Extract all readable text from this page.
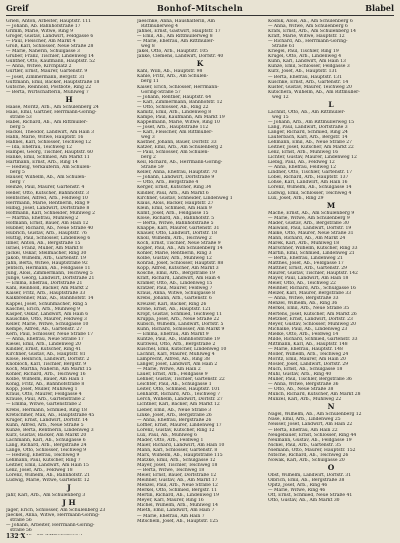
Greif	Bonhof–Mitscheln	Blabel
Grieß, Anton, Arbeiter, Hauptstr. 111
— Johann, Ab. Bahnhofstraße 17
Grimm, Marie, Witwe, Ring 9
Gröger, Gustav, Landwirt, Feldgasse 6
— Paul, Fleischer, Am Markt 4
Groß, Karl, Schlosser, Neue Straße 28
— Marie, Näherin, Schulgasse 3
Gruber, Franz, Tischler, Lindenweg 14
Günther, Otto, Kaufmann, Hauptstr. 52
— Anna, Witwe, Kirchplatz 2
Gürtler, Ernst, Maurer, Gartenstr. 9
— Josef, Zimmermann, Bergstr. 31
Guttmann, Emil, Bäcker, Hauptstraße 18
Gutsche, Reinhold, Postbote, Ring 22
— Berta, Wirtschafterin, Mühlweg 7
H
Haase, Moritz, Arb., Am Schulenberg 24
Haas, Emil, Gärtner, Herrmann-Göring-
straße 53
Habel, Richard, Ab., Am Rittmüller-
berg 5
Hackel, Theodor, Landwirt, Am Hain 3
Hahn, Marie, Witwe, Hauptstr. 16
Hähnel, Karl, Schlosser, Teichweg 12
— Ida, Ehefrau, Teichweg 12
Hampel, Georg, Tischler, Hauptstr. 60
Hanke, Emil, Schmied, Am Markt 11
Hartmann, Ernst, Arb., Ring 14
— Hedwig, Verkäuferin, Am Schulen-
berg 5
Hauser, Wilhelm, Ab., Am Schulen-
berg 7
Heinze, Paul, Maurer, Gartenstr. 4
Heller, Otto, Kutscher, Bahnhofstr. 3
Hentschel, Alfred, Arb., Feldweg 10
Herrmann, Marie, Rentnerin, Ring 9
Hilbig, Josef, Landwirt, Dorfstraße 8
Hoffmann, Karl, Schneider, Mühlweg 2
— Martha, Ehefrau, Mühlweg 2
Hofmann, Ernst, Bauer, Am Hain 12
Hübner, Richard, Ab., Neue Straße 40
Hubrich, Gustav, Arb., Hauptstr. 76
Hüttig, Paul, Schlosser, Lindenweg 6
Illner, Anton, Ab., Bergstraße 15
Israel, Franz, Müller, Am Markt 8
Jäckel, Oskar, Stellmacher, Ring 30
Jakob, Wilhelm, Arb., Gartenstr. 19
Jahn, Berta, Witwe, Hauptstraße 92
Jentsch, Hermann, Ab., Feldgasse 11
Jung, Alois, Zimmermann, Teichweg 5
Junge, Georg, Landwirt, Dorfstraße 21
— Emma, Ehefrau, Dorfstraße 21
Kahl, Reinhold, Bäcker, Am Markt 2
Kaiser, Fritz, Arb., Hauptstraße 33
Kalkbrenner, Max, Ab., Bahnhofstr. 14
Kappel, Josef, Schuhmacher, Ring 5
Kaschel, Erich, Arb., Mühlweg 9
Kasper, Oskar, Landwirt, Am Hain 6
Kauschke, Otto, Maurer, Feldweg 3
Keller, Marie, Witwe, Schulgasse 10
Kempe, Alfred, Ab., Gartenstr. 27
Kern, Paul, Schlosser, Neue Straße 17
— Anna, Ehefrau, Neue Straße 17
Kiesel, Emil, Arb., Lindenweg 20
Kindler, Ernst, Kutscher, Ring 41
Kirchner, Gustav, Ab., Hauptstr. 81
Klose, Heinrich, Landwirt, Dorfstr. 2
Knobloch, Karl, Tischler, Bergstr. 9
Koch, Martha, Näherin, Am Markt 15
Köhler, Richard, Arb., Teichweg 16
Kolbe, Wilhelm, Bauer, Am Hain 1
König, Fritz, Ab., Bahnhofstraße 8
Kopp, Josef, Müller, Mühlweg 1
Kraus, Otto, Maurer, Feldgasse 4
Krause, Paul, Arb., Gartenstraße 2
— Emma, Witwe, Gartenstraße 2
Krebs, Hermann, Schmied, Ring 18
Kretschmer, Max, Ab., Hauptstraße 45
Krüger, Ernst, Landwirt, Dorfstr. 14
Kuhn, Alfred, Arb., Neue Straße 5
Kunze, Berta, Rentnerin, Lindenweg 3
Kurz, Gustav, Bäcker, Am Markt 20
Lachmann, Karl, Ab., Schulgasse 6
Lang, Richard, Arb., Bergstraße 24
Lange, Otto, Schlosser, Teichweg 9
— Hedwig, Ehefrau, Teichweg 9
Lehmann, Paul, Kutscher, Ring 7
Leitner, Emil, Landwirt, Am Hain 15
Lenz, Josef, Arb., Feldweg 18
Lorenz, Wilhelm, Ab., Bahnhofstr. 21
Ludwig, Marie, Witwe, Gartenstr. 12
J
Jahr, Karl, Arb., Am Schulenberg 3
J H
Jäger, Erich, Schlosser, Am Schulenberg 23
Jaeckel, Anna, Witwe, Herrmann-Göring-
straße 56
— Johann, Arbeiter, Herrmann-Göring-
straße 56
Jaeschke, Anna, Haushälterin, Am
Rittmüllerweg 4
Jahnel, Ernst, Gastwirt, Hauptstr. 17
— Emil, Ab., Am Rittmüllerweg 8
— Marie, Ehefrau, Am Rittmüller-
weg 8
Jakel, Otto, Arb., Hauptstr. 105
Janke, Clemens, Landwirt, Dorfstr. 40
K
Kahl, Willi, Ab., Hauptstr. 98
Kahle, Fritz, Arb., Am Schulen-
berg 11
Kaiser, Erich, Schlosser, Herrmann-
Göring-Straße 57
— Johann, Rentner, Hauptstr. 64
— Karl, Zimmermann, Bahnhofstr. 12
— Otto, Schlosser, Ab., Ring 22
Kamitz, Emil, Arb., Lindenweg 8
Kampe, Paul, Kaufmann, Am Markt 19
Kappelmann, Marie, Witwe, Ring 10
— Josef, Arb., Hauptstraße 112
— Karl, Fleischer, Am Rittmüller-
weg 3
Kastner, Johann, Bauer, Dorfstr. 33
Katzer, Emil, Arb., Am Schulenberg 2
— Paul, Schlosser, Am Schulen-
berg 2
Keil, Richard, Ab., Herrmann-Göring-
Straße 59
Keller, Anna, Ehefrau, Hauptstr. 70
— Johann, Landwirt, Dorfstraße 9
— Otto, Arb., Bergstraße 4
Kerger, Ernst, Kutscher, Ring 34
Kindler, Paul, Arb., Am Markt 6
Kirchner, Gustav, Schneider, Lindenweg 1
Klaus, Alois, Bäcker, Hauptstr. 27
Klein, Emil, Schmied, Am Hain 9
Klimt, Josef, Arb., Feldgasse 15
Klose, Richard, Ab., Bahnhofstr. 5
— Berta, Witwe, Bahnhofstraße 5
Knappe, Karl, Maurer, Gartenstr. 31
Knauer, Otto, Landwirt, Dorfstr. 18
Knoll, Wilhelm, Arb., Teichweg 2
Koch, Ernst, Tischler, Neue Straße 9
Kögler, Paul, Ab., Am Schulenberg 14
Köhler, Marie, Rentnerin, Ring 3
Kolbe, Gustav, Arb., Mühlweg 12
Konrad, Josef, Schlosser, Hauptstr. 88
Kopp, Alfred, Kutscher, Am Markt 3
Kosche, Emil, Arb., Bergstraße 19
Kraft, Richard, Landwirt, Am Hain 4
Kramer, Otto, Ab., Lindenweg 15
Kratzer, Paul, Maurer, Feldweg 7
Kraus, Anna, Witwe, Schulgasse 8
Krebs, Johann, Arb., Gartenstr. 6
Kreuzer, Karl, Bäcker, Ring 26
Krone, Ernst, Ab., Hauptstr. 121
Kropf, Gustav, Schmied, Teichweg 11
Kruppa, Josef, Arb., Neue Straße 22
Kubsch, Wilhelm, Landwirt, Dorfstr. 5
Kuhn, Richard, Schlosser, Am Markt 9
— Emma, Ehefrau, Am Markt 9
Kuntze, Paul, Ab., Bahnhofstraße 19
Kurzweil, Otto, Arb., Bergstraße 2
Kuschel, Emil, Kutscher, Lindenweg 10
Lachnit, Karl, Maurer, Mühlweg 4
Lamprecht, Alfred, Ab., Ring 38
Langer, Josef, Landwirt, Am Hain 2
— Marie, Witwe, Am Hain 2
Lauer, Ernst, Arb., Feldgasse 9
Lehner, Gustav, Tischler, Gartenstr. 22
Leichter, Paul, Ab., Schulgasse 1
Leiter, Otto, Schmied, Hauptstr. 101
Lenhardt, Richard, Arb., Teichweg 7
Lerch, Wilhelm, Landwirt, Dorfstr. 27
Lichtner, Karl, Bäcker, Am Markt 12
Lieber, Emil, Ab., Neue Straße 3
Linke, Josef, Arb., Bergstraße 26
— Anna, Ehefrau, Bergstraße 26
Löffler, Ernst, Maurer, Lindenweg 17
Lorenz, Gustav, Kutscher, Ring 12
Lux, Paul, Ab., Mühlweg 6
Mader, Otto, Arb., Feldweg 1
Maier, Richard, Landwirt, Am Hain 10
Mann, Karl, Schlosser, Gartenstr. 8
Marx, Wilhelm, Ab., Hauptstraße 115
Matzke, Emil, Arb., Schulgasse 12
Mayer, Josef, Tischler, Teichweg 18
— Berta, Witwe, Teichweg 18
Meier, Ernst, Bauer, Dorfstraße 12
Meißner, Gustav, Ab., Am Markt 17
Menzel, Paul, Arb., Neue Straße 12
Merkel, Otto, Schmied, Bergstr. 11
Mertin, Richard, Ab., Lindenweg 19
Meyer, Karl, Maurer, Ring 16
Michel, Wilhelm, Arb., Mühlweg 14
Mieth, Emil, Landwirt, Am Hain 7
— Marie, Ehefrau, Am Hain 7
Mitscheln, Josef, Ab., Hauptstr. 125
Kosbik, Alois, Ab., Am Schulenberg 6
— Anna, Witwe, Am Schulenberg 6
Krafs, Ernst, Arb., Am Schulenberg 14
Kraft, Marie, Witwe, Hauptstr. 12
— Richard, Ab., Herrmann-Göring-
Straße 61
Kriegel, Paul, Tischler, Ring 19
Krügel, Otto, Arb., Lindenweg 4
Kühn, Karl, Landwirt, Am Hain 13
Kunze, Emil, Schlosser, Feldgasse 3
Kurz, Josef, Ab., Hauptstr. 131
— Berta, Ehefrau, Hauptstr. 131
Kuschke, Ernst, Arb., Gartenstr. 14
Küster, Gustav, Maurer, Teichweg 20
Kutschera, Wilhelm, Ab., Am Rittmüller-
weg 12
L
Lachnit, Otto, Ab., Am Rittmüller-
weg 15
— Johann, Arb., Am Rittmüllerweg 15
Lang, Paul, Landwirt, Dorfstraße 3
Langer, Richard, Schmied, Ring 24
Lauterbach, Karl, Arb., Bergstr. 14
Lehmann, Emil, Ab., Neue Straße 27
Leitner, Josef, Kutscher, Am Markt 22
Lenz, Ernst, Arb., Mühlweg 16
Lichter, Gustav, Maurer, Lindenweg 12
Liebig, Paul, Ab., Feldweg 12
— Anna, Ehefrau, Feldweg 12
Lindner, Otto, Tischler, Gartenstr. 17
Löbel, Richard, Arb., Hauptstr. 137
Lohse, Karl, Landwirt, Am Hain 16
Lorenz, Wilhelm, Ab., Schulgasse 14
Ludwig, Emil, Schlosser, Teichweg 4
Lux, Josef, Arb., Ring 29
M
Mache, Ernst, Ab., Am Schulenberg 9
— Marie, Witwe, Am Schulenberg 9
Mader, Gustav, Arb., Bergstraße 30
Maiwald, Paul, Landwirt, Dorfstr. 19
Malke, Otto, Maurer, Neue Straße 31
Mann, Richard, Ab., Am Markt 24
Marek, Karl, Arb., Mühlweg 18
Marschner, Wilhelm, Kutscher, Ring 33
Martin, Emil, Schmied, Lindenweg 21
— Berta, Ehefrau, Lindenweg 21
Matthes, Josef, Ab., Feldgasse 17
Mattner, Ernst, Arb., Gartenstr. 29
Maurer, Gustav, Tischler, Hauptstr. 142
Mayer, Paul, Landwirt, Am Hain 18
Meier, Otto, Ab., Teichweg 22
Meißner, Richard, Arb., Schulgasse 16
Melzer, Karl, Maurer, Bergstraße 33
— Anna, Witwe, Bergstraße 33
Menzel, Wilhelm, Ab., Ring 36
Merkel, Emil, Arb., Neue Straße 35
Mertens, Josef, Kutscher, Am Markt 26
Metzner, Ernst, Landwirt, Dorfstr. 23
Meyer, Gustav, Schlosser, Mühlweg 20
Michalke, Paul, Ab., Lindenweg 23
Mielke, Otto, Arb., Feldweg 14
Milde, Richard, Schmied, Gartenstr. 33
Mittmann, Karl, Ab., Hauptstr. 148
— Marie, Ehefrau, Hauptstr. 148
Möller, Wilhelm, Arb., Teichweg 24
Moritz, Emil, Maurer, Am Hain 20
Mosler, Josef, Landwirt, Dorfstr. 29
Much, Ernst, Ab., Schulgasse 18
Mühl, Gustav, Arb., Ring 40
Müller, Paul, Tischler, Bergstraße 36
— Anna, Witwe, Bergstraße 36
— Otto, Ab., Neue Straße 38
Münch, Richard, Kutscher, Am Markt 28
Munzel, Karl, Arb., Mühlweg 22
N
Nagel, Wilhelm, Ab., Am Schulenberg 12
Nase, Emil, Arb., Lindenweg 25
Neisser, Josef, Landwirt, Am Hain 22
— Berta, Ehefrau, Am Hain 22
Neugebauer, Ernst, Schlosser, Ring 44
Neumann, Gustav, Ab., Feldgasse 19
Nickel, Paul, Arb., Gartenstr. 35
Niemann, Otto, Maurer, Hauptstr. 152
Nitsche, Richard, Ab., Teichweg 26
Nowak, Karl, Arb., Schulgasse 20
O
Obst, Wilhelm, Landwirt, Dorfstr. 31
Olbrich, Emil, Ab., Bergstraße 38
Opitz, Josef, Arb., Ring 46
— Marie, Witwe, Ring 46
Ott, Ernst, Schmied, Neue Straße 41
Otto, Gustav, Ab., Am Markt 30
132 X
